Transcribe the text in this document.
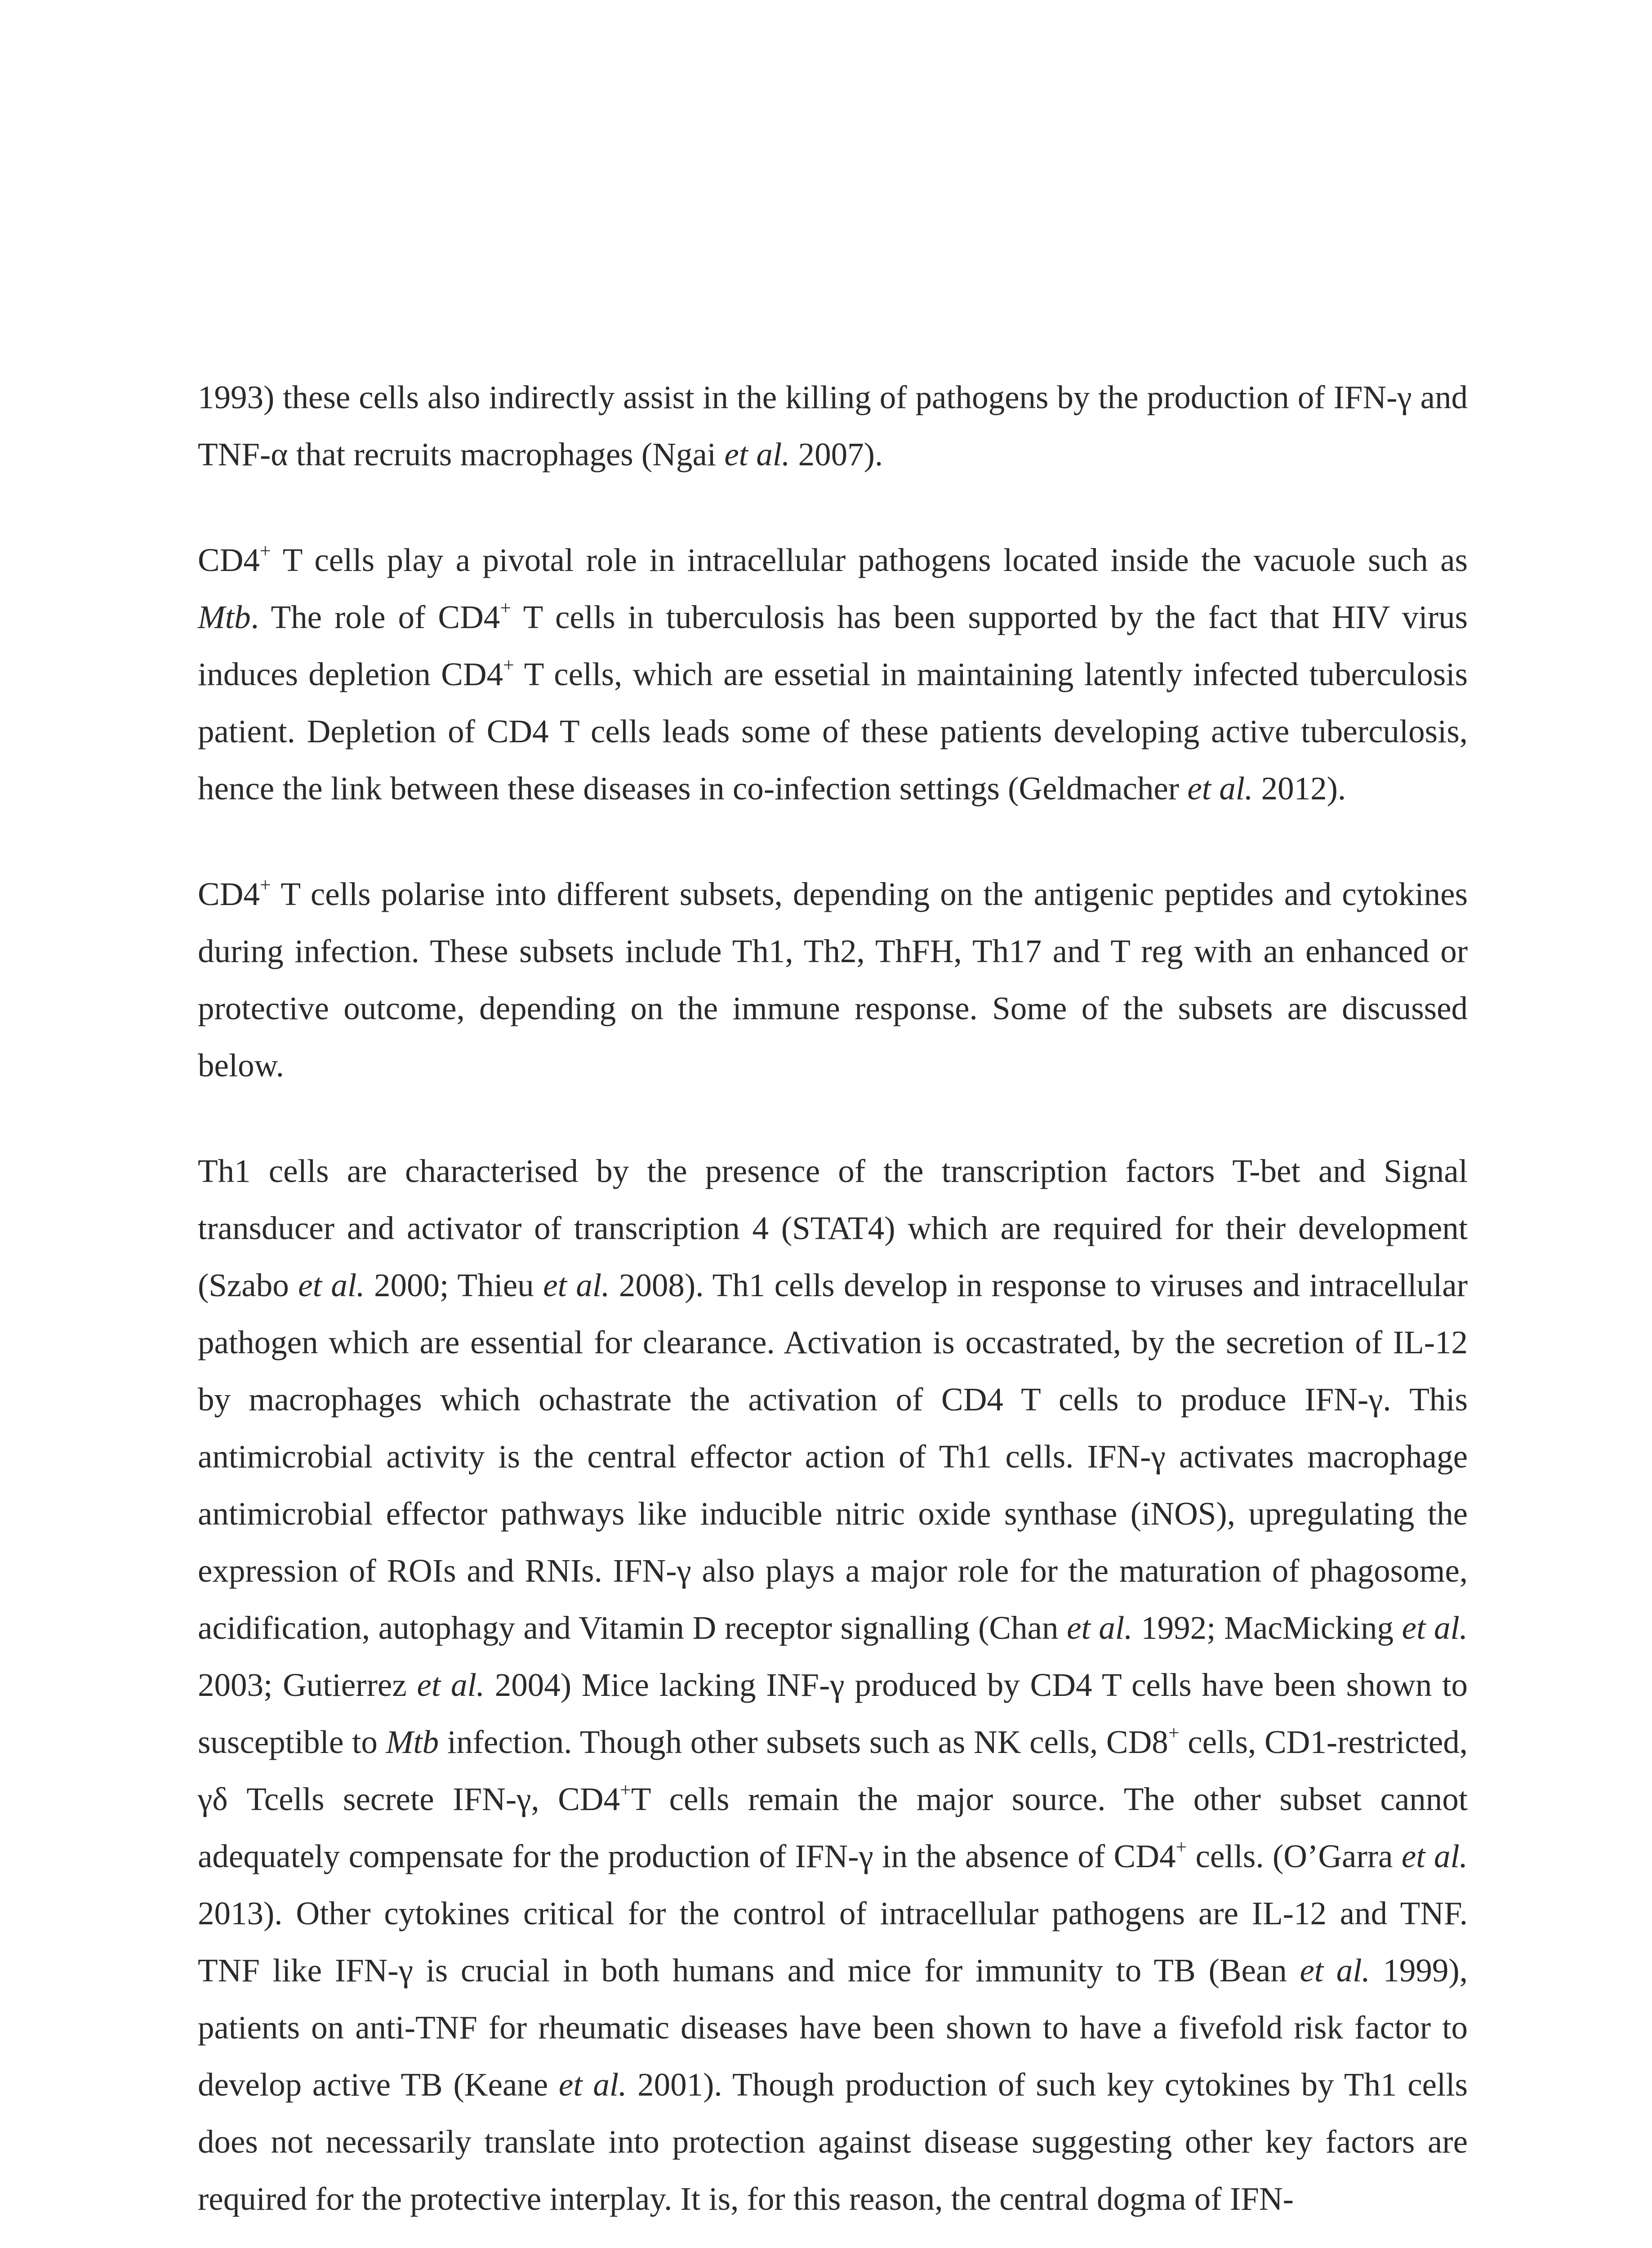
1993) these cells also indirectly assist in the killing of pathogens by the production of IFN-γ and TNF-α that recruits macrophages (Ngai et al. 2007).

CD4+ T cells play a pivotal role in intracellular pathogens located inside the vacuole such as Mtb. The role of CD4+ T cells in tuberculosis has been supported by the fact that HIV virus induces depletion CD4+ T cells, which are essetial in maintaining latently infected tuberculosis patient. Depletion of CD4 T cells leads some of these patients developing active tuberculosis, hence the link between these diseases in co-infection settings (Geldmacher et al. 2012).

CD4+ T cells polarise into different subsets, depending on the antigenic peptides and cytokines during infection. These subsets include Th1, Th2, ThFH, Th17 and T reg with an enhanced or protective outcome, depending on the immune response. Some of the subsets are discussed below.

Th1 cells are characterised by the presence of the transcription factors T-bet and Signal transducer and activator of transcription 4 (STAT4) which are required for their development (Szabo et al. 2000; Thieu et al. 2008). Th1 cells develop in response to viruses and intracellular pathogen which are essential for clearance. Activation is occastrated, by the secretion of IL-12 by macrophages which ochastrate the activation of CD4 T cells to produce IFN-γ. This antimicrobial activity is the central effector action of Th1 cells. IFN-γ activates macrophage antimicrobial effector pathways like inducible nitric oxide synthase (iNOS), upregulating the expression of ROIs and RNIs. IFN-γ also plays a major role for the maturation of phagosome, acidification, autophagy and Vitamin D receptor signalling (Chan et al. 1992; MacMicking et al. 2003; Gutierrez et al. 2004) Mice lacking INF-γ produced by CD4 T cells have been shown to susceptible to Mtb infection. Though other subsets such as NK cells, CD8+ cells, CD1-restricted, γδ Tcells secrete IFN-γ, CD4+T cells remain the major source. The other subset cannot adequately compensate for the production of IFN-γ in the absence of CD4+ cells. (O’Garra et al. 2013). Other cytokines critical for the control of intracellular pathogens are IL-12 and TNF. TNF like IFN-γ is crucial in both humans and mice for immunity to TB (Bean et al. 1999), patients on anti-TNF for rheumatic diseases have been shown to have a fivefold risk factor to develop active TB (Keane et al. 2001). Though production of such key cytokines by Th1 cells does not necessarily translate into protection against disease suggesting other key factors are required for the protective interplay. It is, for this reason, the central dogma of IFN-
